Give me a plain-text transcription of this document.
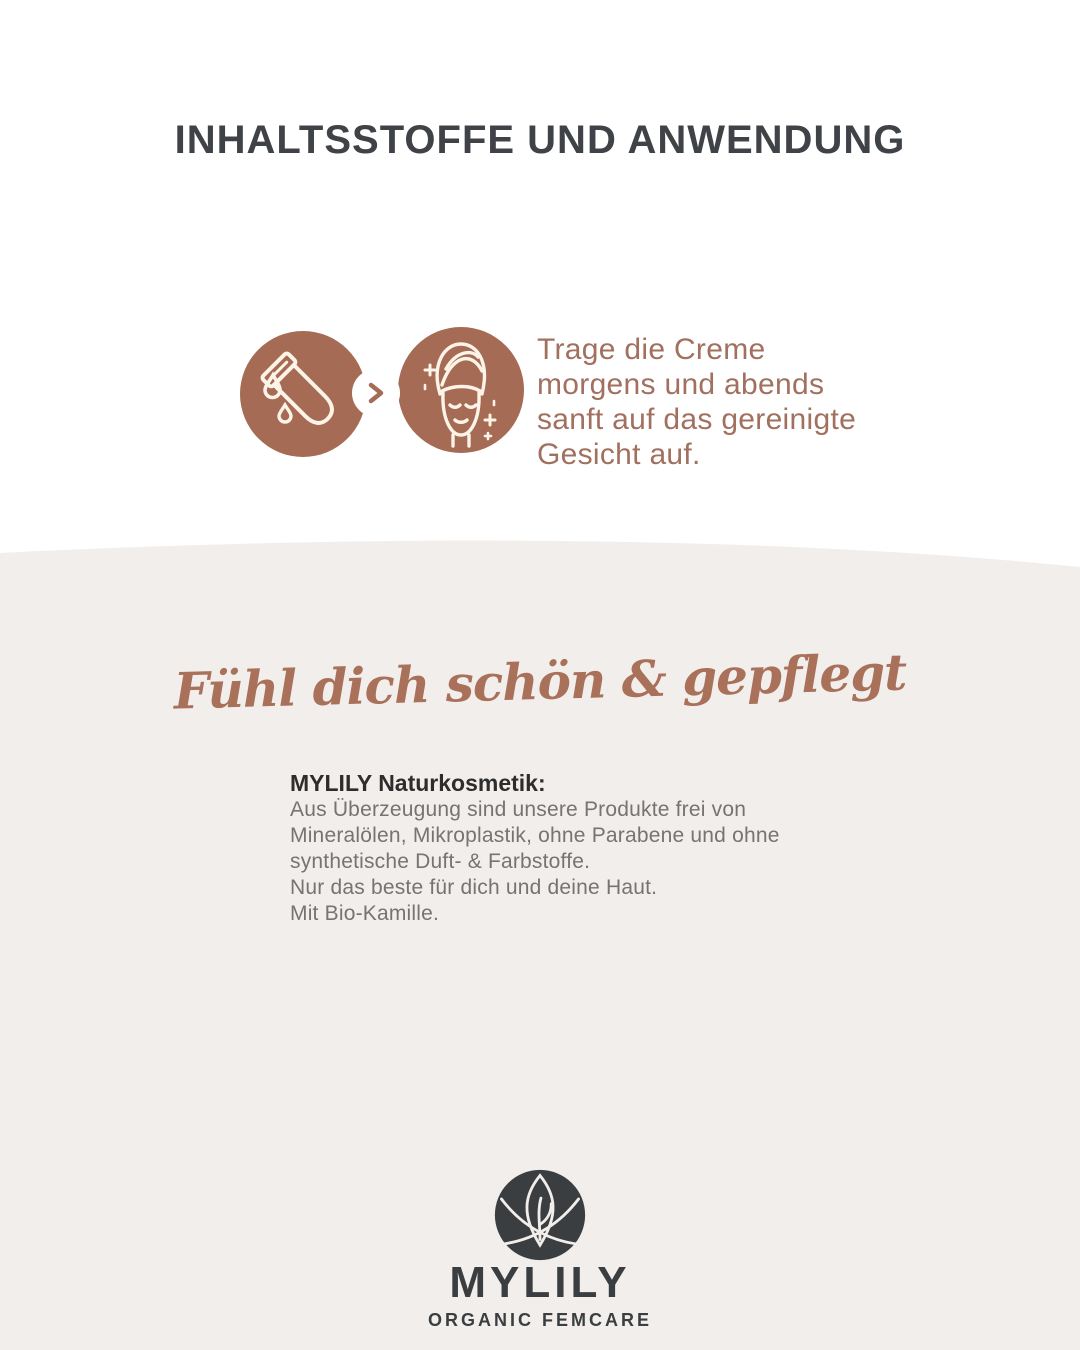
INHALTSSTOFFE UND ANWENDUNG
Trage die Creme
morgens und abends
sanft auf das gereinigte
Gesicht auf.
Fühl dich schön & gepflegt
MYLILY Naturkosmetik:
Aus Überzeugung sind unsere Produkte frei von
Mineralölen, Mikroplastik, ohne Parabene und ohne
synthetische Duft- & Farbstoffe.
Nur das beste für dich und deine Haut.
Mit Bio-Kamille.
MYLILY
ORGANIC FEMCARE
